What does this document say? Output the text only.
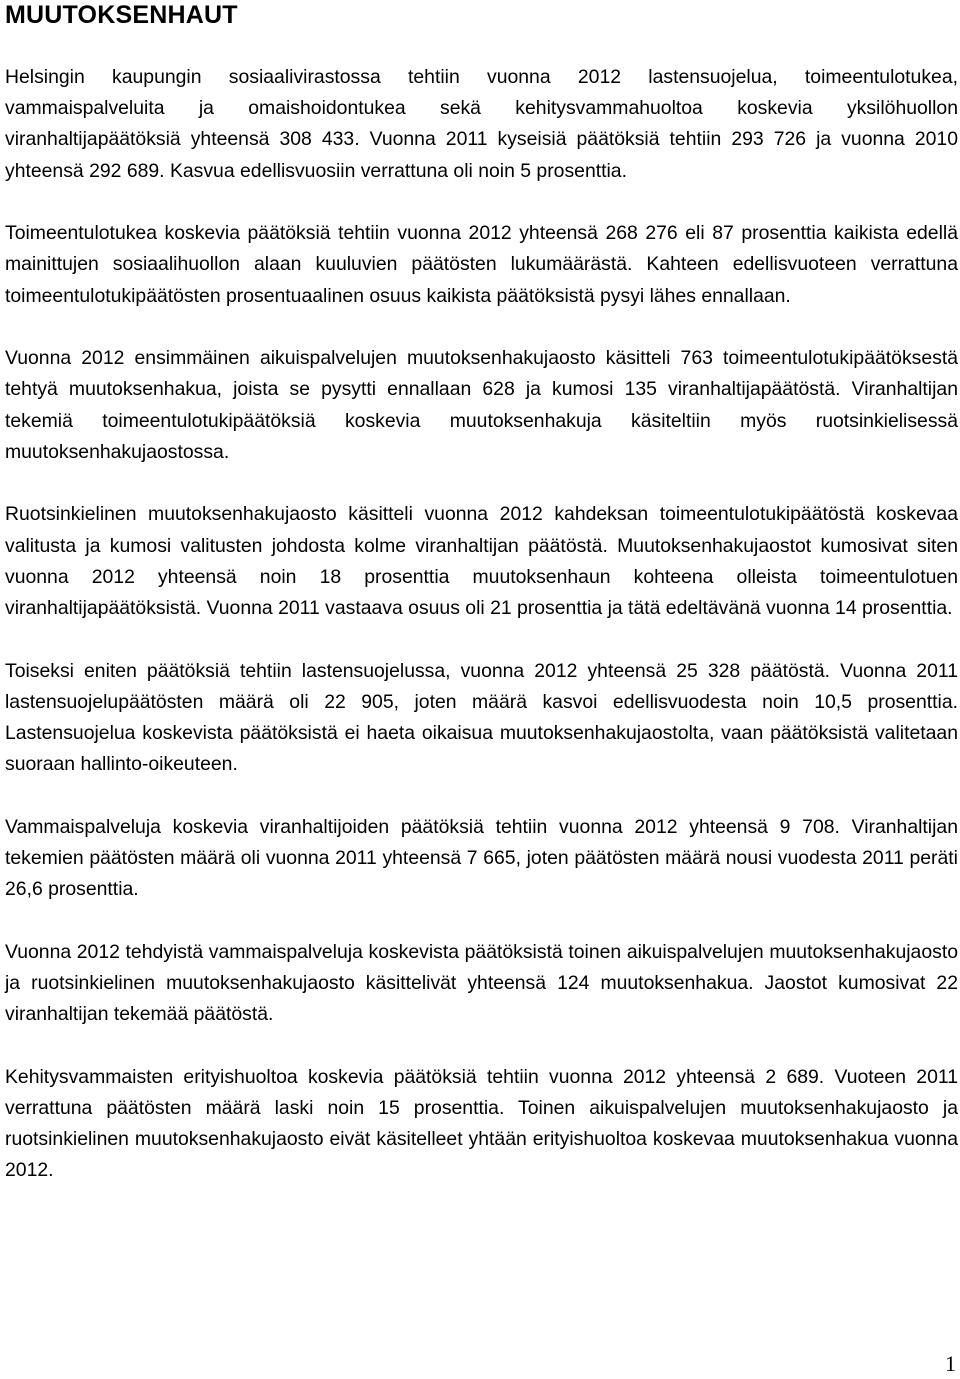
MUUTOKSENHAUT

Helsingin kaupungin sosiaalivirastossa tehtiin vuonna 2012 lastensuojelua, toimeentulotukea, vammaispalveluita ja omaishoidontukea sekä kehitysvammahuoltoa koskevia yksilöhuollon viranhaltijapäätöksiä yhteensä 308 433. Vuonna 2011 kyseisiä päätöksiä tehtiin 293 726 ja vuonna 2010 yhteensä 292 689. Kasvua edellisvuosiin verrattuna oli noin 5 prosenttia.

Toimeentulotukea koskevia päätöksiä tehtiin vuonna 2012 yhteensä 268 276 eli 87 prosenttia kaikista edellä mainittujen sosiaalihuollon alaan kuuluvien päätösten lukumäärästä. Kahteen edellisvuoteen verrattuna toimeentulotukipäätösten prosentuaalinen osuus kaikista päätöksistä pysyi lähes ennallaan.

Vuonna 2012 ensimmäinen aikuispalvelujen muutoksenhakujaosto käsitteli 763 toimeentulotukipäätöksestä tehtyä muutoksenhakua, joista se pysytti ennallaan 628 ja kumosi 135 viranhaltijapäätöstä. Viranhaltijan tekemiä toimeentulotukipäätöksiä koskevia muutoksenhakuja käsiteltiin myös ruotsinkielisessä muutoksenhakujaostossa.

Ruotsinkielinen muutoksenhakujaosto käsitteli vuonna 2012 kahdeksan toimeentulotukipäätöstä koskevaa valitusta ja kumosi valitusten johdosta kolme viranhaltijan päätöstä. Muutoksenhakujaostot kumosivat siten vuonna 2012 yhteensä noin 18 prosenttia muutoksenhaun kohteena olleista toimeentulotuen viranhaltijapäätöksistä. Vuonna 2011 vastaava osuus oli 21 prosenttia ja tätä edeltävänä vuonna 14 prosenttia.

Toiseksi eniten päätöksiä tehtiin lastensuojelussa, vuonna 2012 yhteensä 25 328 päätöstä. Vuonna 2011 lastensuojelupäätösten määrä oli 22 905, joten määrä kasvoi edellisvuodesta noin 10,5 prosenttia. Lastensuojelua koskevista päätöksistä ei haeta oikaisua muutoksenhakujaostolta, vaan päätöksistä valitetaan suoraan hallinto-oikeuteen.

Vammaispalveluja koskevia viranhaltijoiden päätöksiä tehtiin vuonna 2012 yhteensä 9 708. Viranhaltijan tekemien päätösten määrä oli vuonna 2011 yhteensä 7 665, joten päätösten määrä nousi vuodesta 2011 peräti 26,6 prosenttia.

Vuonna 2012 tehdyistä vammaispalveluja koskevista päätöksistä toinen aikuispalvelujen muutoksenhakujaosto ja ruotsinkielinen muutoksenhakujaosto käsittelivät yhteensä 124 muutoksenhakua. Jaostot kumosivat 22 viranhaltijan tekemää päätöstä.

Kehitysvammaisten erityishuoltoa koskevia päätöksiä tehtiin vuonna 2012 yhteensä 2 689. Vuoteen 2011 verrattuna päätösten määrä laski noin 15 prosenttia. Toinen aikuispalvelujen muutoksenhakujaosto ja ruotsinkielinen muutoksenhakujaosto eivät käsitelleet yhtään erityishuoltoa koskevaa muutoksenhakua vuonna 2012.

1
